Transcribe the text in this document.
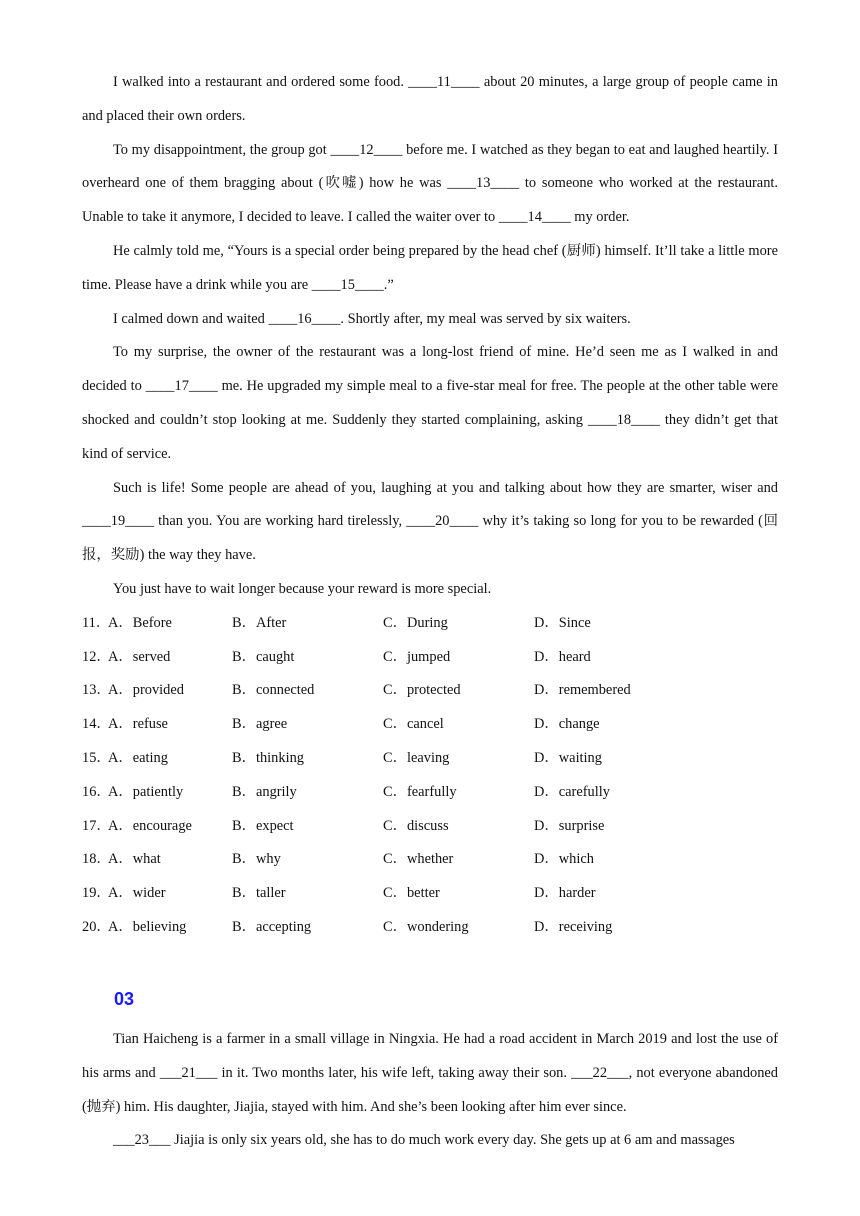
I walked into a restaurant and ordered some food. ____11____ about 20 minutes, a large group of people came in and placed their own orders.

To my disappointment, the group got ____12____ before me. I watched as they began to eat and laughed heartily. I overheard one of them bragging about (吹嘘) how he was ____13____ to someone who worked at the restaurant. Unable to take it anymore, I decided to leave. I called the waiter over to ____14____ my order.

He calmly told me, “Yours is a special order being prepared by the head chef (厨师) himself. It’ll take a little more time. Please have a drink while you are ____15____.”

I calmed down and waited ____16____. Shortly after, my meal was served by six waiters.

To my surprise, the owner of the restaurant was a long-lost friend of mine. He’d seen me as I walked in and decided to ____17____ me. He upgraded my simple meal to a five-star meal for free. The people at the other table were shocked and couldn’t stop looking at me. Suddenly they started complaining, asking ____18____ they didn’t get that kind of service.

Such is life! Some people are ahead of you, laughing at you and talking about how they are smarter, wiser and ____19____ than you. You are working hard tirelessly, ____20____ why it’s taking so long for you to be rewarded (回报，奖励) the way they have.

You just have to wait longer because your reward is more special.

11．
A．Before	B．After	C．During	D．Since
12．
A．served	B．caught	C．jumped	D．heard
13．
A．provided	B．connected	C．protected	D．remembered
14．
A．refuse	B．agree	C．cancel	D．change
15．
A．eating	B．thinking	C．leaving	D．waiting
16．
A．patiently	B．angrily	C．fearfully	D．carefully
17．
A．encourage	B．expect	C．discuss	D．surprise
18．
A．what	B．why	C．whether	D．which
19．
A．wider	B．taller	C．better	D．harder
20．
A．believing	B．accepting	C．wondering	D．receiving
03

Tian Haicheng is a farmer in a small village in Ningxia. He had a road accident in March 2019 and lost the use of his arms and ___21___ in it. Two months later, his wife left, taking away their son. ___22___, not everyone abandoned (抛弃) him. His daughter, Jiajia, stayed with him. And she’s been looking after him ever since.

___23___ Jiajia is only six years old, she has to do much work every day. She gets up at 6 am and massages
